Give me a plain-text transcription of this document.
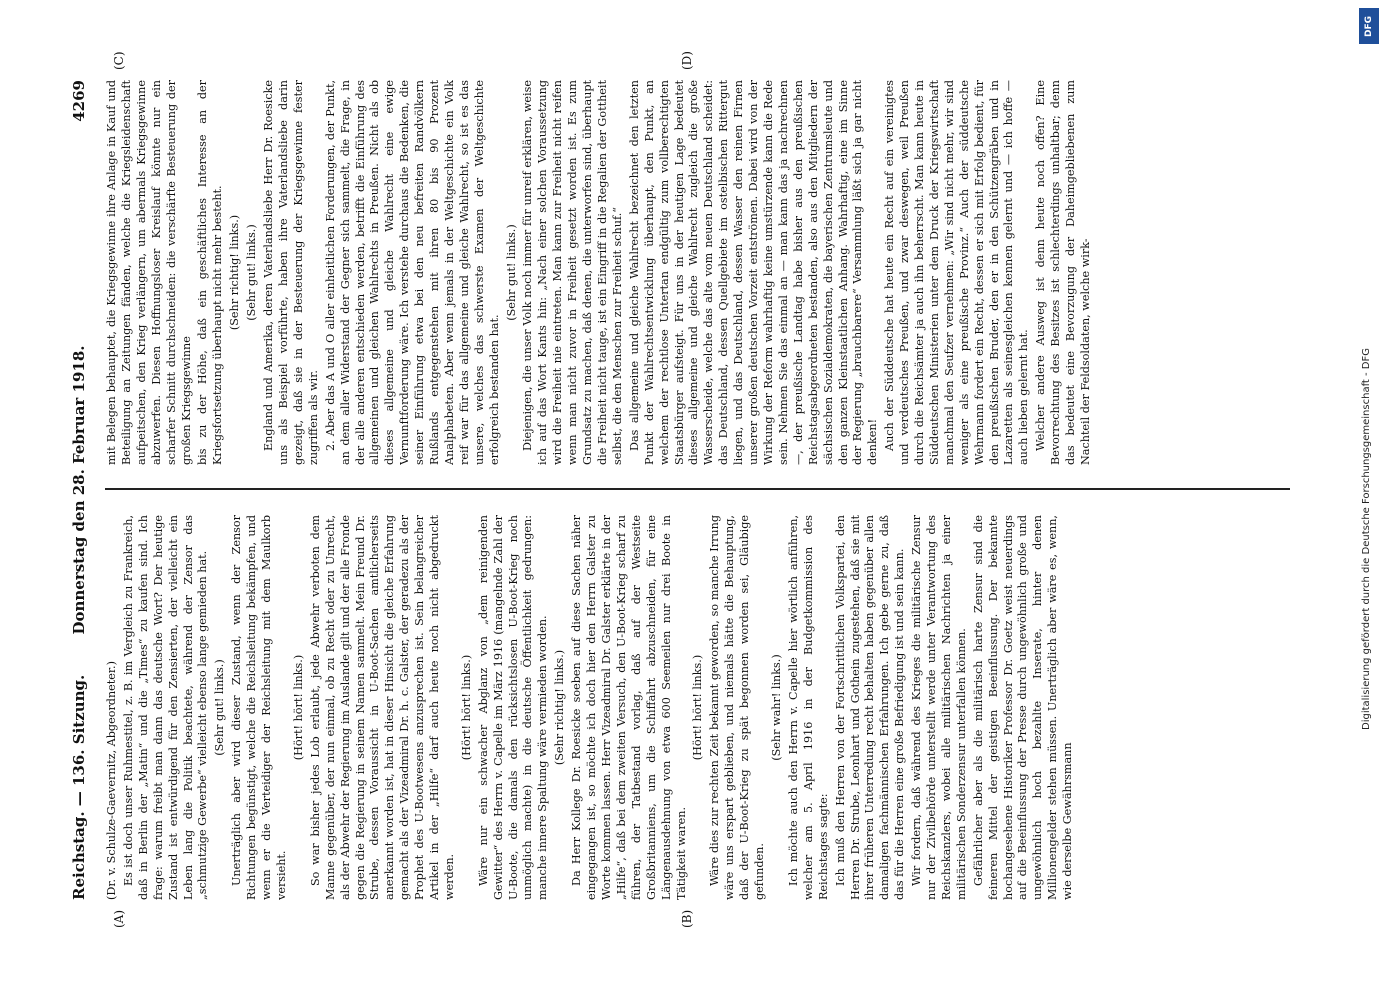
Reichstag. — 136. Sitzung.
Donnerstag den 28. Februar 1918.
4269
(A)	(B)
(C)	(D)

(Dr. v. Schulze-Gaevernitz, Abgeordneter.) Es ist doch unser Ruhmestitel, z. B. im Vergleich zu Frankreich, daß in Berlin der „Matin“ und die „Times“ zu kaufen sind. Ich frage: warum freibt man dann das deutsche Wort? Der heutige Zustand ist entwürdigend für den Zensierten, der vielleicht ein Leben lang die Politik beachtete, während der Zensor das „schmutzige Gewerbe“ vielleicht ebenso lange gemieden hat. (Sehr gut! links.) Unerträglich aber wird dieser Zustand, wenn der Zensor Richtungen begünstigt, welche die Reichsleitung bekämpfen, und wenn er die Verteidiger der Reichsleitung mit dem Maulkorb versieht.

(Hört! hört! links.) So war bisher jedes Lob erlaubt, jede Abwehr verboten dem Manne gegenüber, der nun einmal, ob zu Recht oder zu Unrecht, als der Abwehr der Regierung im Auslande gilt und der alle Fronde gegen die Regierung in seinem Namen sammelt. Mein Freund Dr. Strube, dessen Voraussicht in U-Boot-Sachen amtlicherseits anerkannt worden ist, hat in dieser Hinsicht die gleiche Erfahrung gemacht als der Vizeadmiral Dr. h. c. Galster, der geradezu als der Prophet des U-Bootwesens anzusprechen ist. Sein belangreicher Artikel in der „Hilfe“ darf auch heute noch nicht abgedruckt werden.

(Hört! hört! links.) Wäre nur ein schwacher Abglanz von „dem reinigenden Gewitter“ des Herrn v. Capelle im März 1916 (mangelnde Zahl der U-Boote, die damals den rücksichtslosen U-Boot-Krieg noch unmöglich machte) in die deutsche Öffentlichkeit gedrungen: manche innere Spaltung wäre vermieden worden. (Sehr richtig! links.) Da Herr Kollege Dr. Roesicke soeben auf diese Sachen näher eingegangen ist, so möchte ich doch hier den Herrn Galster zu Worte kommen lassen. Herr Vizeadmiral Dr. Galster erklärte in der „Hilfe“, daß bei dem zweiten Versuch, den U-Boot-Krieg scharf zu führen, der Tatbestand vorlag, daß auf der Westseite Großbritanniens, um die Schiffahrt abzuschneiden, für eine Längenausdehnung von etwa 600 Seemeilen nur drei Boote in Tätigkeit waren.

(Hört! hört! links.) Wäre dies zur rechten Zeit bekannt geworden, so manche Irrung wäre uns erspart geblieben, und niemals hätte die Behauptung, daß der U-Boot-Krieg zu spät begonnen worden sei, Gläubige gefunden.

(Sehr wahr! links.) Ich möchte auch den Herrn v. Capelle hier wörtlich anführen, welcher am 5. April 1916 in der Budgetkommission des Reichstages sagte: Ich muß den Herren von der Fortschrittlichen Volkspartei, den Herren Dr. Strube, Leonhart und Gothein zugestehen, daß sie mit ihrer früheren Unterredung recht behalten haben gegenüber allen damaligen fachmännischen Erfahrungen. Ich gebe gerne zu, daß das für die Herren eine große Befriedigung ist und sein kann. Wir fordern, daß während des Krieges die militärische Zensur nur der Zivilbehörde unterstellt werde unter Verantwortung des Reichskanzlers, wobei alle militärischen Nachrichten ja einer militärischen Sonderzensur unterfallen können. Gefährlicher aber als die militärisch harte Zensur sind die feineren Mittel der geistigen Beeinflussung. Der bekannte hochangesehene Historiker Professor Dr. Goetz weist neuerdings auf die Beeinflussung der Presse durch ungewöhnlich große und ungewöhnlich hoch bezahlte Inserate, hinter denen Millionengelder stehen müssen. Unerträglich aber wäre es, wenn, wie derselbe Gewährsmann

mit Belegen behauptet, die Kriegsgewinne ihre Anlage in Kauf und Beteiligung an Zeitungen fänden, welche die Kriegsleidenschaft aufpeitschen, den Krieg verlängern, um abermals Kriegsgewinne abzuwerfen. Diesen Hoffnungsloser Kreislauf könnte nur ein scharfer Schnitt durchschneiden: die verschärfte Besteuerung der großen Kriegsgewinne bis zu der Höhe, daß ein geschäftliches Interesse an der Kriegsfortsetzung überhaupt nicht mehr besteht. (Sehr richtig! links.) (Sehr gut! links.) England und Amerika, deren Vaterlandsliebe Herr Dr. Roesicke uns als Beispiel vorführte, haben ihre Vaterlandsliebe darin gezeigt, daß sie in der Besteuerung der Kriegsgewinne fester zugriffen als wir. 2. Aber das A und O aller einheitlichen Forderungen, der Punkt, an dem aller Widerstand der Gegner sich sammelt, die Frage, in der alle anderen entschieden werden, betrifft die Einführung des allgemeinen und gleichen Wahlrechts in Preußen. Nicht als ob dieses allgemeine und gleiche Wahlrecht eine ewige Vernunftforderung wäre. Ich verstehe durchaus die Bedenken, die seiner Einführung etwa bei den neu befreiten Randvölkern Rußlands entgegenstehen mit ihren 80 bis 90 Prozent Analphabeten. Aber wenn jemals in der Weltgeschichte ein Volk reif war für das allgemeine und gleiche Wahlrecht, so ist es das unsere, welches das schwerste Examen der Weltgeschichte erfolgreich bestanden hat.

(Sehr gut! links.) Diejenigen, die unser Volk noch immer für unreif erklären, weise ich auf das Wort Kants hin: „Nach einer solchen Voraussetzung wird die Freiheit nie eintreten. Man kann zur Freiheit nicht reifen wenn man nicht zuvor in Freiheit gesetzt worden ist. Es zum Grundsatz zu machen, daß denen, die unterworfen sind, überhaupt die Freiheit nicht tauge, ist ein Eingriff in die Regalien der Gottheit selbst, die den Menschen zur Freiheit schuf.“ Das allgemeine und gleiche Wahlrecht bezeichnet den letzten Punkt der Wahlrechtsentwicklung überhaupt, den Punkt, an welchem der rechtlose Untertan endgültig zum vollberechtigten Staatsbürger aufsteigt. Für uns in der heutigen Lage bedeutet dieses allgemeine und gleiche Wahlrecht zugleich die große Wasserscheide, welche das alte vom neuen Deutschland scheidet: das Deutschland, dessen Quellgebiete im ostelbischen Rittergut liegen, und das Deutschland, dessen Wasser den reinen Firnen unserer großen deutschen Vorzeit entströmen. Dabei wird von der Wirkung der Reform wahrhaftig keine umstürzende kann die Rede sein. Nehmen Sie das einmal an — man kann das ja nachrechnen —, der preußische Landtag habe bisher aus den preußischen Reichstagsabgeordneten bestanden, also aus den Mitgliedern der sächsischen Sozialdemokraten, die bayerischen Zentrumsleute und den ganzen Kleinstaatlichen Anhang. Wahrhaftig, eine im Sinne der Regierung „brauchbarere“ Versammlung läßt sich ja gar nicht denken! Auch der Süddeutsche hat heute ein Recht auf ein vereinigtes und verdeutsches Preußen, und zwar deswegen, weil Preußen durch die Reichsämter ja auch ihn beherrscht. Man kann heute in Süddeutschen Ministerien unter dem Druck der Kriegswirtschaft manchmal den Seufzer vernehmen: „Wir sind nicht mehr, wir sind weniger als eine preußische Provinz.“ Auch der süddeutsche Wehrmann fordert ein Recht, dessen er sich mit Erfolg bedient, für den preußischen Bruder, den er in den Schützengräben und in Lazaretten als seinesgleichen kennen gelernt und — ich hoffe — auch lieben gelernt hat. Welcher andere Ausweg ist denn heute noch offen? Eine Bevorrechtung des Besitzes ist schlechterdings unhaltbar; denn das bedeutet eine Bevorzugung der Daheimgebliebenen zum Nachteil der Feldsoldaten, welche wirk-

DFG
Digitalisierung gefördert durch die Deutsche Forschungsgemeinschaft - DFG
